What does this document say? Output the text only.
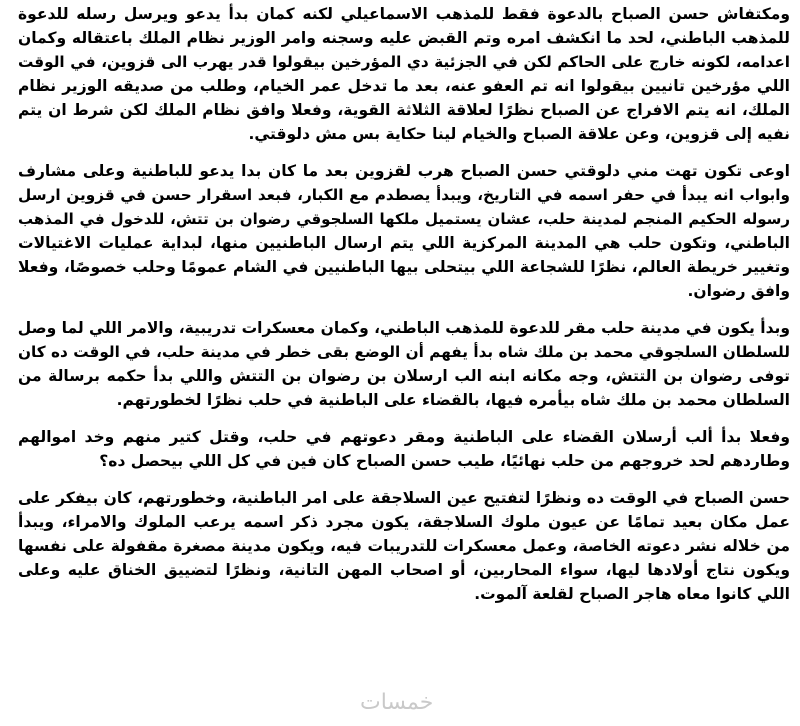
ومكتفاش حسن الصباح بالدعوة فقط للمذهب الاسماعيلي لكنه كمان بدأ يدعو ويرسل رسله للدعوة
للمذهب الباطني، لحد ما انكشف امره وتم القبض عليه وسجنه وامر الوزير نظام الملك باعتقاله وكمان
اعدامه، لكونه خارج على الحاكم لكن في الجزئية دي المؤرخين بيقولوا قدر يهرب الى قزوين، في الوقت
اللي مؤرخين تانيين بيقولوا انه تم العفو عنه، بعد ما تدخل عمر الخيام، وطلب من صديقه الوزير نظام
الملك، انه يتم الافراج عن الصباح نظرًا لعلاقة الثلاثة القوية، وفعلا وافق نظام الملك لكن شرط ان يتم
نفيه إلى قزوين، وعن علاقة الصباح والخيام لينا حكاية بس مش دلوقتي.
اوعى تكون تهت مني دلوقتي حسن الصباح هرب لقزوين بعد ما كان بدا يدعو للباطنية وعلى مشارف
وابواب انه يبدأ في حفر اسمه في التاريخ، ويبدأ يصطدم مع الكبار، فبعد اسقرار حسن في قزوين ارسل
رسوله الحكيم المنجم لمدينة حلب، عشان يستميل ملكها السلجوقي رضوان بن تتش، للدخول في المذهب
الباطني، وتكون حلب هي المدينة المركزية اللي يتم ارسال الباطنيين منها، لبداية عمليات الاغتيالات
وتغيير خريطة العالم، نظرًا للشجاعة اللي بيتحلى بيها الباطنيين في الشام عمومًا وحلب خصوصًا، وفعلا
وافق رضوان.
وبدأ يكون في مدينة حلب مقر للدعوة للمذهب الباطني، وكمان معسكرات تدريبية، والامر اللي لما وصل
للسلطان السلجوقي محمد بن ملك شاه بدأ يفهم أن الوضع بقى خطر في مدينة حلب، في الوقت ده كان
توفى رضوان بن التتش، وجه مكانه ابنه الب ارسلان بن رضوان بن التتش واللي بدأ حكمه برسالة من
السلطان محمد بن ملك شاه بيأمره فيها، بالقضاء على الباطنية في حلب نظرًا لخطورتهم.
وفعلا بدأ ألب أرسلان القضاء على الباطنية ومقر دعوتهم في حلب، وقتل كتير منهم وخد اموالهم
وطاردهم لحد خروجهم من حلب نهائيًا، طيب حسن الصباح كان فين في كل اللي بيحصل ده؟
حسن الصباح في الوقت ده ونظرًا لتفتيح عين السلاجقة على امر الباطنية، وخطورتهم، كان بيفكر على
عمل مكان بعيد تمامًا عن عيون ملوك السلاجقة، يكون مجرد ذكر اسمه يرعب الملوك والامراء، ويبدأ
من خلاله نشر دعوته الخاصة، وعمل معسكرات للتدريبات فيه، ويكون مدينة مصغرة مقفولة على نفسها
ويكون نتاج أولادها ليها، سواء المحاربين، أو اصحاب المهن التانية، ونظرًا لتضييق الخناق عليه وعلى
اللي كانوا معاه هاجر الصباح لقلعة آلموت.
خمسات
